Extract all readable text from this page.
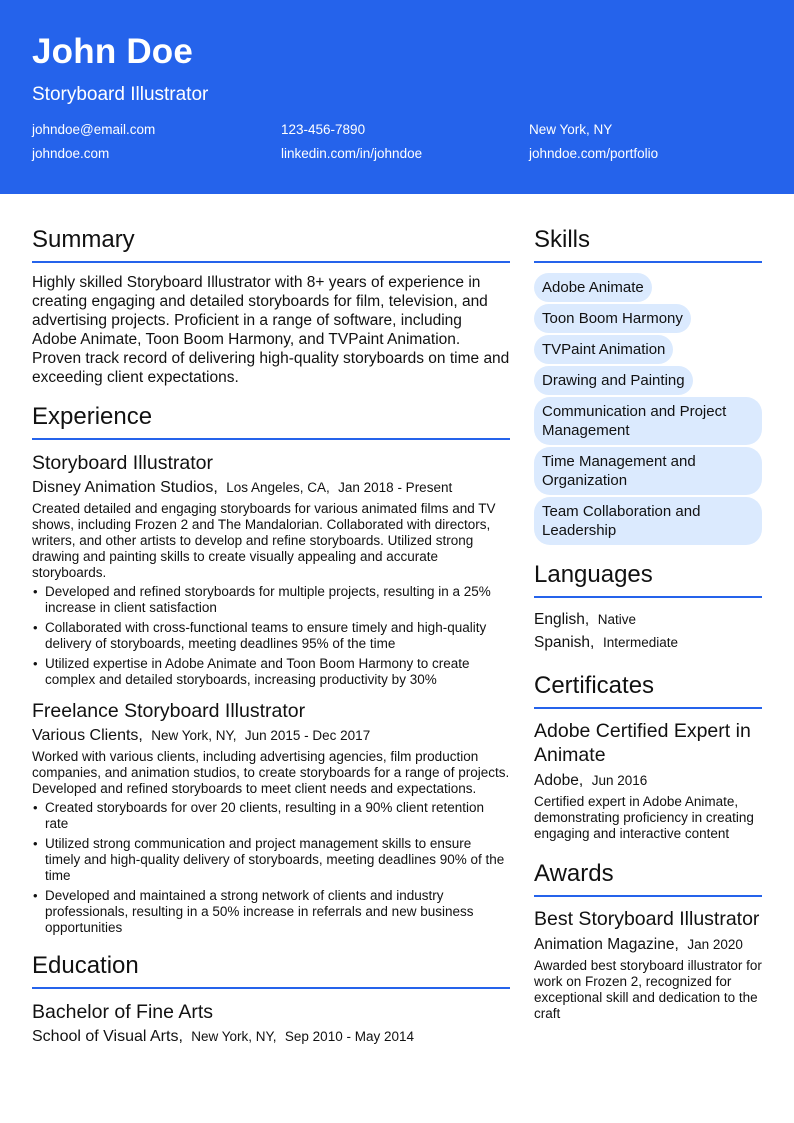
John Doe
Storyboard Illustrator
johndoe@email.com	123-456-7890	New York, NY
johndoe.com	linkedin.com/in/johndoe	johndoe.com/portfolio
Summary

Highly skilled Storyboard Illustrator with 8+ years of experience in creating engaging and detailed storyboards for film, television, and advertising projects. Proficient in a range of software, including Adobe Animate, Toon Boom Harmony, and TVPaint Animation. Proven track record of delivering high-quality storyboards on time and exceeding client expectations.

Experience
Storyboard Illustrator
Disney Animation Studios, Los Angeles, CA, Jan 2018 - Present

Created detailed and engaging storyboards for various animated films and TV shows, including Frozen 2 and The Mandalorian. Collaborated with directors, writers, and other artists to develop and refine storyboards. Utilized strong drawing and painting skills to create visually appealing and accurate storyboards.

• Developed and refined storyboards for multiple projects, resulting in a 25% increase in client satisfaction
• Collaborated with cross-functional teams to ensure timely and high-quality delivery of storyboards, meeting deadlines 95% of the time
• Utilized expertise in Adobe Animate and Toon Boom Harmony to create complex and detailed storyboards, increasing productivity by 30%
Freelance Storyboard Illustrator
Various Clients, New York, NY, Jun 2015 - Dec 2017

Worked with various clients, including advertising agencies, film production companies, and animation studios, to create storyboards for a range of projects. Developed and refined storyboards to meet client needs and expectations.

• Created storyboards for over 20 clients, resulting in a 90% client retention rate
• Utilized strong communication and project management skills to ensure timely and high-quality delivery of storyboards, meeting deadlines 90% of the time
• Developed and maintained a strong network of clients and industry professionals, resulting in a 50% increase in referrals and new business opportunities
Education
Bachelor of Fine Arts
School of Visual Arts, New York, NY, Sep 2010 - May 2014
Skills
Adobe Animate
Toon Boom Harmony
TVPaint Animation
Drawing and Painting
Communication and Project Management
Time Management and Organization
Team Collaboration and Leadership
Languages
English, Native
Spanish, Intermediate
Certificates
Adobe Certified Expert in Animate
Adobe, Jun 2016

Certified expert in Adobe Animate, demonstrating proficiency in creating engaging and interactive content

Awards
Best Storyboard Illustrator
Animation Magazine, Jan 2020

Awarded best storyboard illustrator for work on Frozen 2, recognized for exceptional skill and dedication to the craft
